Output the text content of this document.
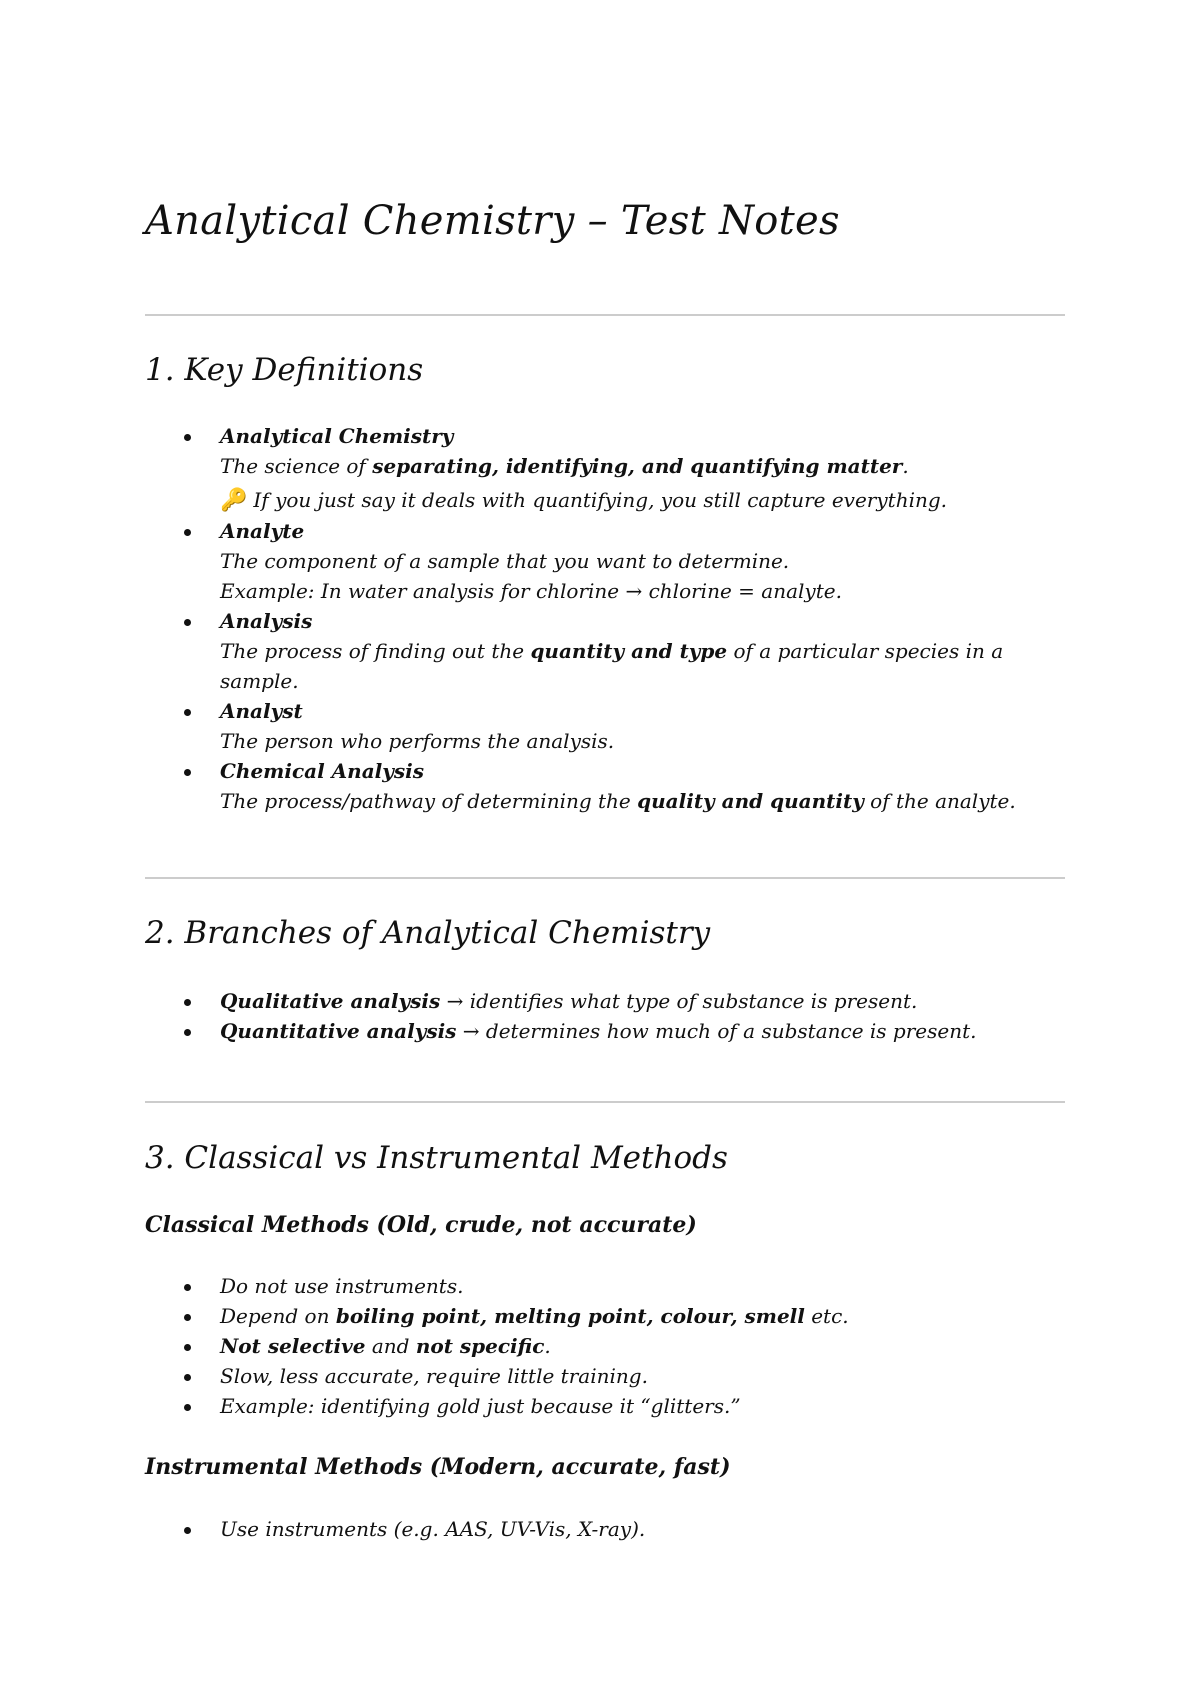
Analytical Chemistry – Test Notes
1. Key Definitions
Analytical Chemistry
The science of separating, identifying, and quantifying matter.
🔑 If you just say it deals with quantifying, you still capture everything.
Analyte
The component of a sample that you want to determine.
Example: In water analysis for chlorine → chlorine = analyte.
Analysis
The process of finding out the quantity and type of a particular species in a sample.
Analyst
The person who performs the analysis.
Chemical Analysis
The process/pathway of determining the quality and quantity of the analyte.
2. Branches of Analytical Chemistry
Qualitative analysis → identifies what type of substance is present.
Quantitative analysis → determines how much of a substance is present.
3. Classical vs Instrumental Methods
Classical Methods (Old, crude, not accurate)
Do not use instruments.
Depend on boiling point, melting point, colour, smell etc.
Not selective and not specific.
Slow, less accurate, require little training.
Example: identifying gold just because it “glitters.”
Instrumental Methods (Modern, accurate, fast)
Use instruments (e.g. AAS, UV-Vis, X-ray).
